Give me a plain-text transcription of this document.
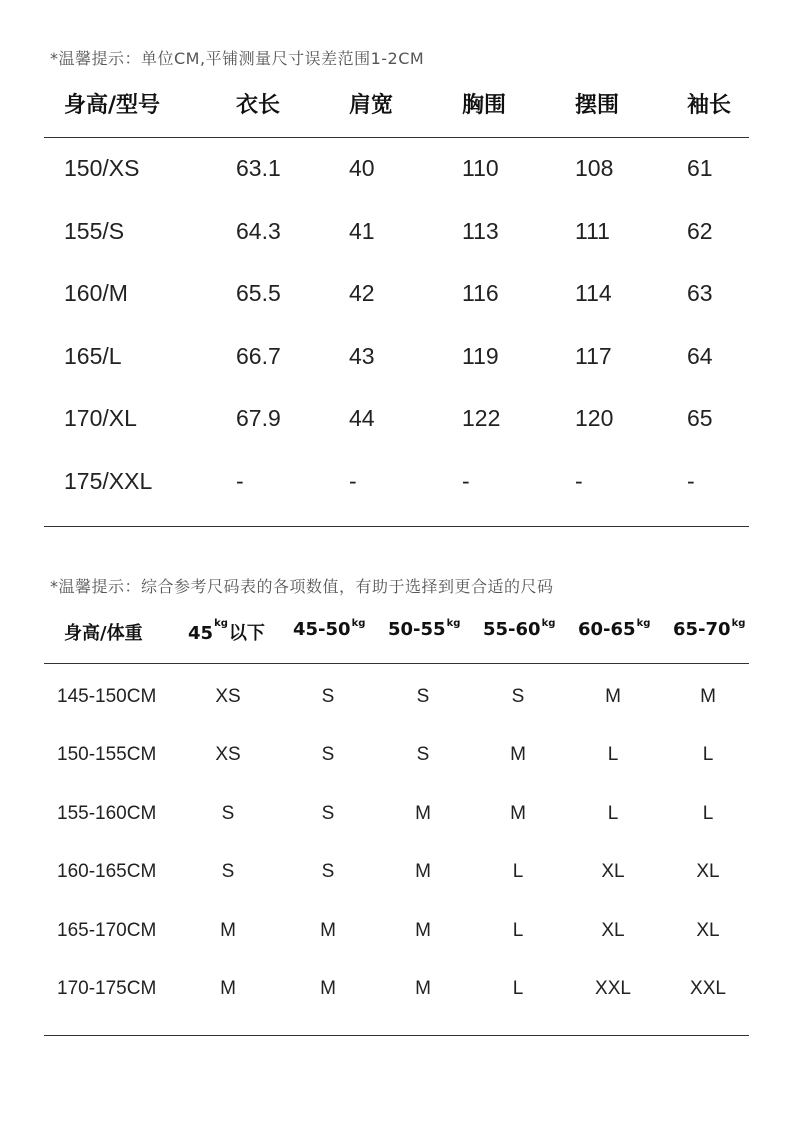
*温馨提示：单位CM,平铺测量尺寸误差范围1-2CM
身高/型号	衣长	肩宽	胸围	摆围	袖长
150/XS	63.1	40	110	108	61
155/S	64.3	41	113	111	62
160/M	65.5	42	116	114	63
165/L	66.7	43	119	117	64
170/XL	67.9	44	122	120	65
175/XXL	-	-	-	-	-
*温馨提示：综合参考尺码表的各项数值，有助于选择到更合适的尺码
身高/体重	$45^{kg}$以下 $45-50^{kg}$ $50-55^{kg}$ $55-60^{kg}$ $60-65^{kg}$ $65-70^{kg}$
145-150CM	XS	S	S	S	M	M
150-155CM	XS	S	S	M	L	L
155-160CM	S	S	M	M	L	L
160-165CM	S	S	M	L	XL	XL
165-170CM	M	M	M	L	XL	XL
170-175CM	M	M	M	L	XXL	XXL
